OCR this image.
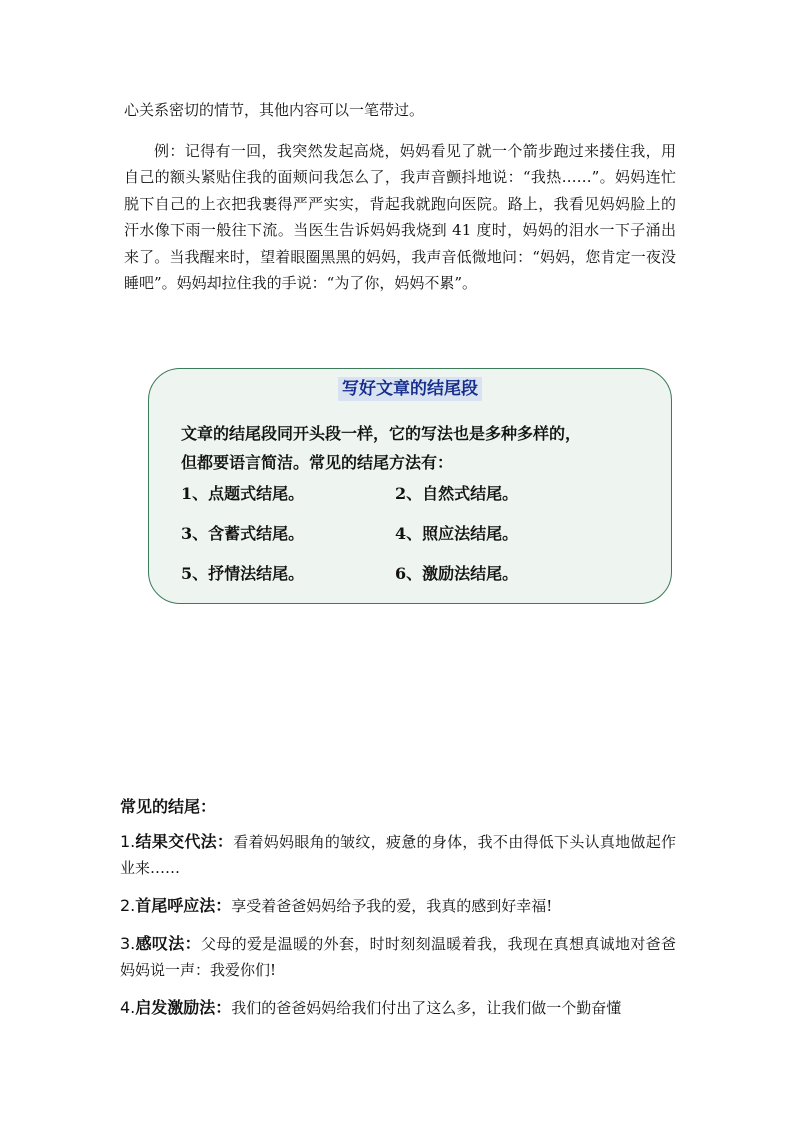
心关系密切的情节，其他内容可以一笔带过。

例：记得有一回，我突然发起高烧，妈妈看见了就一个箭步跑过来搂住我，用自己的额头紧贴住我的面颊问我怎么了，我声音颤抖地说：“我热……”。妈妈连忙脱下自己的上衣把我裹得严严实实，背起我就跑向医院。路上，我看见妈妈脸上的汗水像下雨一般往下流。当医生告诉妈妈我烧到 41 度时，妈妈的泪水一下子涌出来了。当我醒来时，望着眼圈黑黑的妈妈，我声音低微地问：“妈妈，您肯定一夜没睡吧”。妈妈却拉住我的手说：“为了你，妈妈不累”。

写好文章的结尾段

文章的结尾段同开头段一样，它的写法也是多种多样的，

但都要语言简洁。常见的结尾方法有：

1、点题式结尾。	2、自然式结尾。
3、含蓄式结尾。	4、照应法结尾。
5、抒情法结尾。	6、激励法结尾。
常见的结尾：
1.结果交代法：看着妈妈眼角的皱纹，疲惫的身体，我不由得低下头认真地做起作业来……
2.首尾呼应法：享受着爸爸妈妈给予我的爱，我真的感到好幸福!
3.感叹法：父母的爱是温暖的外套，时时刻刻温暖着我，我现在真想真诚地对爸爸妈妈说一声：我爱你们!
4.启发激励法：我们的爸爸妈妈给我们付出了这么多，让我们做一个勤奋懂
